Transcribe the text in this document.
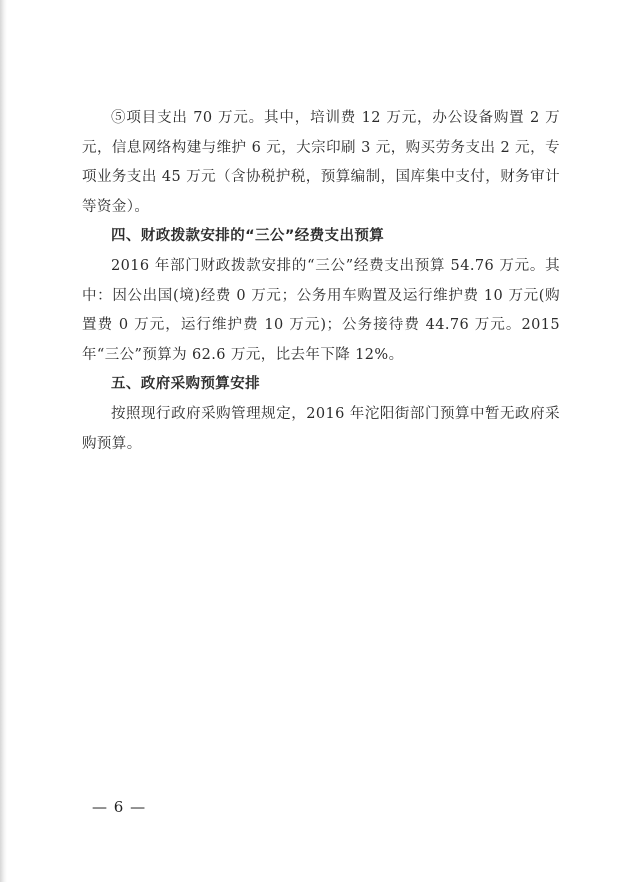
⑤项目支出 70 万元。其中，培训费 12 万元，办公设备购置 2 万元，信息网络构建与维护 6 元，大宗印刷 3 元，购买劳务支出 2 元，专项业务支出 45 万元（含协税护税，预算编制，国库集中支付，财务审计等资金）。

四、财政拨款安排的“三公”经费支出预算

2016 年部门财政拨款安排的“三公”经费支出预算 54.76 万元。其中：因公出国(境)经费 0 万元；公务用车购置及运行维护费 10 万元(购置费 0 万元，运行维护费 10 万元)；公务接待费 44.76 万元。2015 年“三公”预算为 62.6 万元，比去年下降 12%。

五、政府采购预算安排

按照现行政府采购管理规定，2016 年沱阳街部门预算中暂无政府采购预算。

— 6 —
